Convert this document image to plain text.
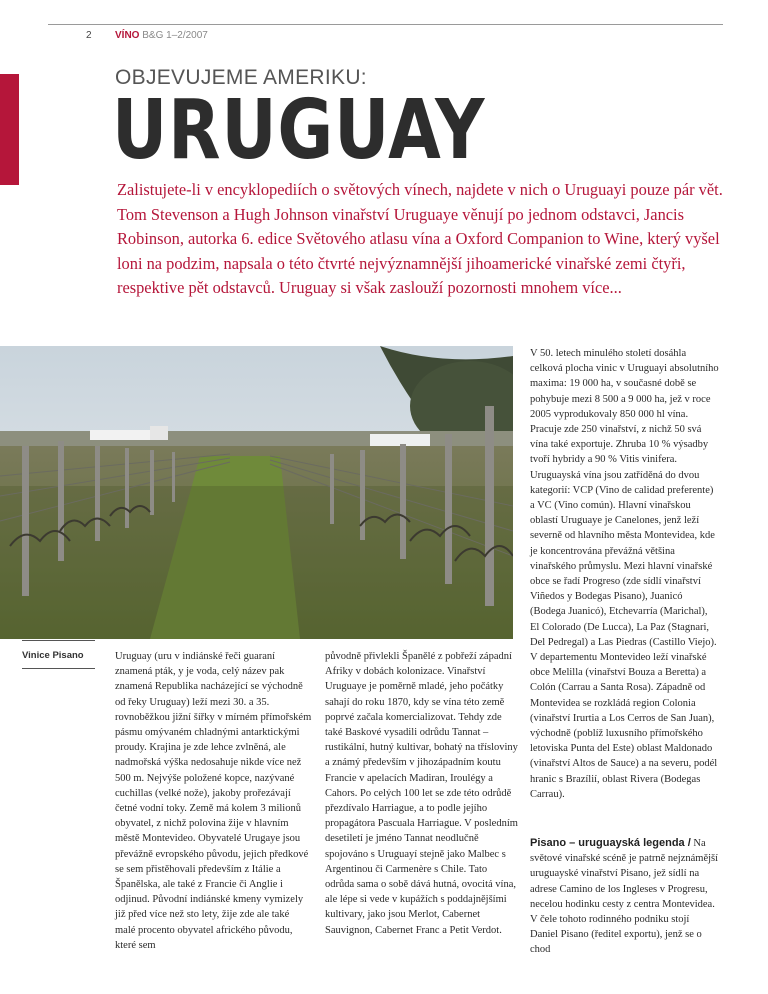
2 VÍNO B&G 1–2/2007
OBJEVUJEME AMERIKU:
URUGUAY
Zalistujete-li v encyklopediích o světových vínech, najdete v nich o Uruguayi pouze pár vět. Tom Stevenson a Hugh Johnson vinařství Uruguaye věnují po jednom odstavci, Jancis Robinson, autorka 6. edice Světového atlasu vína a Oxford Companion to Wine, který vyšel loni na podzim, napsala o této čtvrté nejvýznamnější jihoamerické vinařské zemi čtyři, respektive pět odstavců. Uruguay si však zaslouží pozornosti mnohem více...
Vinice Pisano	Uruguay (uru v indiánské řeči guaraní znamená pták, y je voda, celý název pak znamená Republika nacházející se východně od řeky Uruguay) leží mezi 30. a 35. rovnoběžkou jižní šířky v mírném přímořském pásmu omývaném chladnými antarktickými proudy. Krajina je zde lehce zvlněná, ale nadmořská výška nedosahuje nikde více než 500 m. Nejvýše položené kopce, nazývané cuchillas (velké nože), jakoby prořezávají četné vodní toky. Země má kolem 3 milionů obyvatel, z nichž polovina žije v hlavním městě Montevideo. Obyvatelé Urugaye jsou převážně evropského původu, jejich předkové se sem přistěhovali především z Itálie a Španělska, ale také z Francie či Anglie i odjinud. Původní indiánské kmeny vymizely již před více než sto lety, žije zde ale také malé procento obyvatel afrického původu, které sem

původně přivlekli Španělé z pobřeží západní Afriky v dobách kolonizace. Vinařství Uruguaye je poměrně mladé, jeho počátky sahají do roku 1870, kdy se vína této země poprvé začala komercializovat. Tehdy zde také Baskové vysadili odrůdu Tannat – rustikální, hutný kultivar, bohatý na třísloviny a známý především v jihozápadním koutu Francie v apelacích Madiran, Iroulégy a Cahors. Po celých 100 let se zde této odrůdě přezdívalo Harriague, a to podle jejího propagátora Pascuala Harriague. V posledním desetiletí je jméno Tannat neodlučně spojováno s Uruguayí stejně jako Malbec s Argentinou či Carmenère s Chile. Tato odrůda sama o sobě dává hutná, ovocitá vína, ale lépe si vede v kupážích s poddajnějšími kultivary, jako jsou Merlot, Cabernet Sauvignon, Cabernet Franc a Petit Verdot.

V 50. letech minulého století dosáhla celková plocha vinic v Uruguayi absolutního maxima: 19 000 ha, v současné době se pohybuje mezi 8 500 a 9 000 ha, jež v roce 2005 vyprodukovaly 850 000 hl vína. Pracuje zde 250 vinařství, z nichž 50 svá vína také exportuje. Zhruba 10 % výsadby tvoří hybridy a 90 % Vitis vinifera. Uruguayská vína jsou zatříděná do dvou kategorií: VCP (Vino de calidad preferente) a VC (Vino común). Hlavní vinařskou oblastí Uruguaye je Canelones, jenž leží severně od hlavního města Montevidea, kde je koncentrována převážná většina vinařského průmyslu. Mezi hlavní vinařské obce se řadí Progreso (zde sídlí vinařství Viñedos y Bodegas Pisano), Juanicó (Bodega Juanicó), Etchevarría (Marichal), El Colorado (De Lucca), La Paz (Stagnari, Del Pedregal) a Las Piedras (Castillo Viejo). V departementu Montevideo leží vinařské obce Melilla (vinařství Bouza a Beretta) a Colón (Carrau a Santa Rosa). Západně od Montevidea se rozkládá region Colonia (vinařství Irurtia a Los Cerros de San Juan), východně (poblíž luxusního přímořského letoviska Punta del Este) oblast Maldonado (vinařství Altos de Sauce) a na severu, podél hranic s Brazílií, oblast Rivera (Bodegas Carrau).

Pisano – uruguayská legenda / Na světové vinařské scéně je patrně nejznámější uruguayské vinařství Pisano, jež sídlí na adrese Camino de los Ingleses v Progresu, necelou hodinku cesty z centra Montevidea. V čele tohoto rodinného podniku stojí Daniel Pisano (ředitel exportu), jenž se o chod
